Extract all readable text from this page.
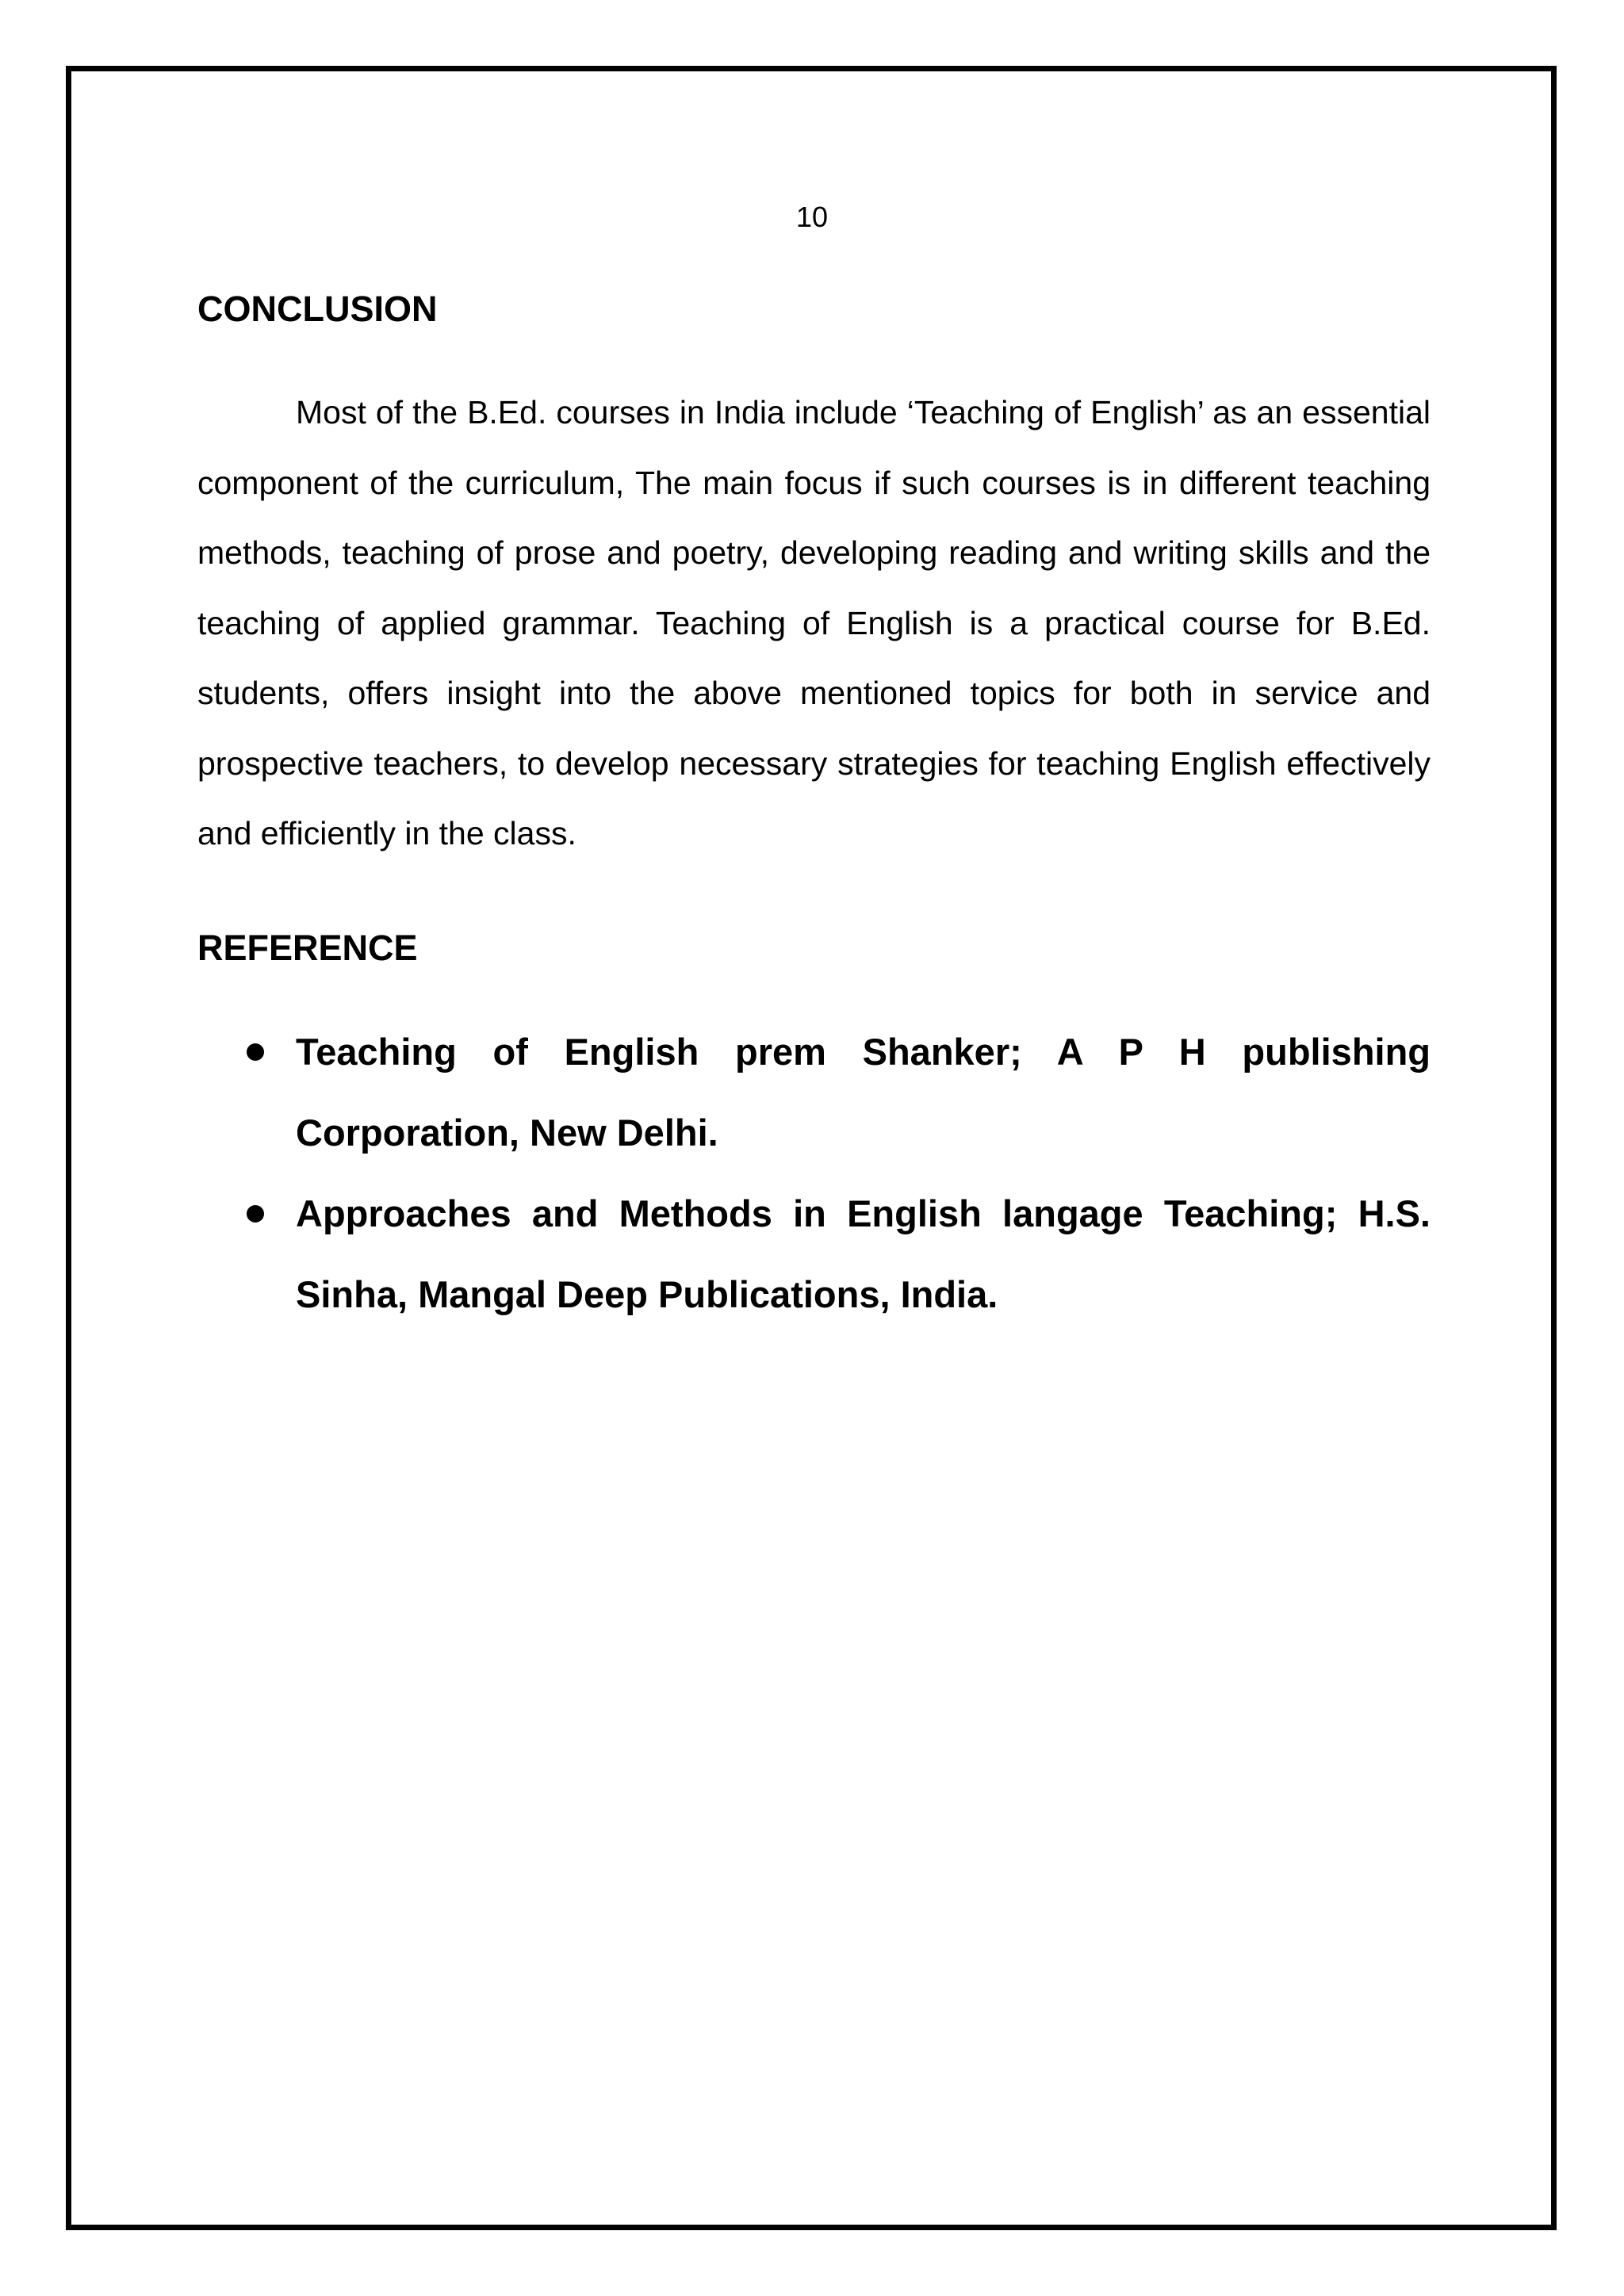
10
CONCLUSION

Most of the B.Ed. courses in India include ‘Teaching of English’ as an essential component of the curriculum, The main focus if such courses is in different teaching methods, teaching of prose and poetry, developing reading and writing skills and the teaching of applied grammar. Teaching of English is a practical course for B.Ed. students, offers insight into the above mentioned topics for both in service and prospective teachers, to develop necessary strategies for teaching English effectively and efficiently in the class.

REFERENCE
Teaching of English prem Shanker; A P H publishing Corporation, New Delhi.
Approaches and Methods in English langage Teaching; H.S. Sinha, Mangal Deep Publications, India.
